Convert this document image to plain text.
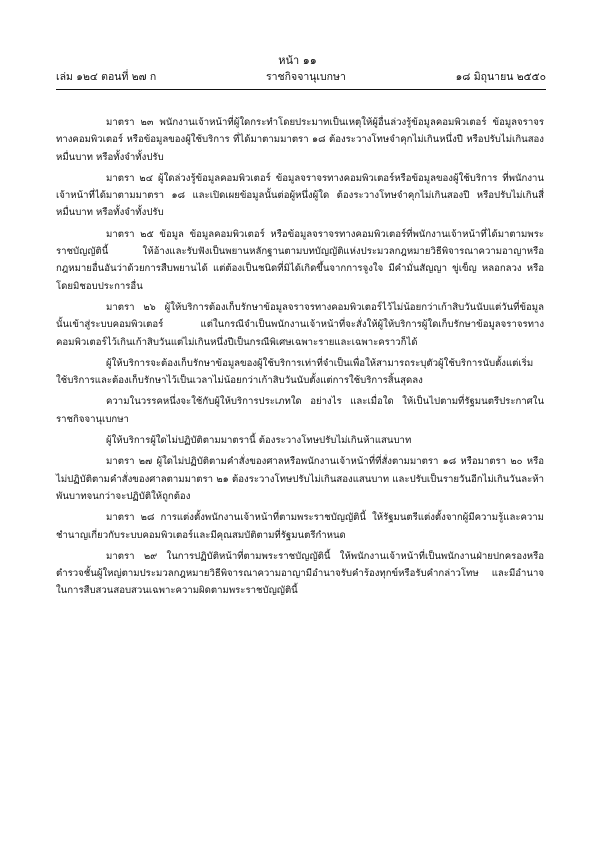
หน้า ๑๑
เล่ม ๑๒๔ ตอนที่ ๒๗ ก	ราชกิจจานุเบกษา	๑๘ มิถุนายน ๒๕๕๐

มาตรา ๒๓ พนักงานเจ้าหน้าที่ผู้ใดกระทำโดยประมาทเป็นเหตุให้ผู้อื่นล่วงรู้ข้อมูลคอมพิวเตอร์ ข้อมูลจราจรทางคอมพิวเตอร์ หรือข้อมูลของผู้ใช้บริการ ที่ได้มาตามมาตรา ๑๘ ต้องระวางโทษจำคุกไม่เกินหนึ่งปี หรือปรับไม่เกินสองหมื่นบาท หรือทั้งจำทั้งปรับ

มาตรา ๒๔ ผู้ใดล่วงรู้ข้อมูลคอมพิวเตอร์ ข้อมูลจราจรทางคอมพิวเตอร์หรือข้อมูลของผู้ใช้บริการ ที่พนักงานเจ้าหน้าที่ได้มาตามมาตรา ๑๘ และเปิดเผยข้อมูลนั้นต่อผู้หนึ่งผู้ใด ต้องระวางโทษจำคุกไม่เกินสองปี หรือปรับไม่เกินสี่หมื่นบาท หรือทั้งจำทั้งปรับ

มาตรา ๒๕ ข้อมูล ข้อมูลคอมพิวเตอร์ หรือข้อมูลจราจรทางคอมพิวเตอร์ที่พนักงานเจ้าหน้าที่ได้มาตามพระราชบัญญัตินี้ ให้อ้างและรับฟังเป็นพยานหลักฐานตามบทบัญญัติแห่งประมวลกฎหมายวิธีพิจารณาความอาญาหรือกฎหมายอื่นอันว่าด้วยการสืบพยานได้ แต่ต้องเป็นชนิดที่มิได้เกิดขึ้นจากการจูงใจ มีคำมั่นสัญญา ขู่เข็ญ หลอกลวง หรือโดยมิชอบประการอื่น

มาตรา ๒๖ ผู้ให้บริการต้องเก็บรักษาข้อมูลจราจรทางคอมพิวเตอร์ไว้ไม่น้อยกว่าเก้าสิบวันนับแต่วันที่ข้อมูลนั้นเข้าสู่ระบบคอมพิวเตอร์ แต่ในกรณีจำเป็นพนักงานเจ้าหน้าที่จะสั่งให้ผู้ให้บริการผู้ใดเก็บรักษาข้อมูลจราจรทางคอมพิวเตอร์ไว้เกินเก้าสิบวันแต่ไม่เกินหนึ่งปีเป็นกรณีพิเศษเฉพาะรายและเฉพาะคราวก็ได้

ผู้ให้บริการจะต้องเก็บรักษาข้อมูลของผู้ใช้บริการเท่าที่จำเป็นเพื่อให้สามารถระบุตัวผู้ใช้บริการนับตั้งแต่เริ่มใช้บริการและต้องเก็บรักษาไว้เป็นเวลาไม่น้อยกว่าเก้าสิบวันนับตั้งแต่การใช้บริการสิ้นสุดลง

ความในวรรคหนึ่งจะใช้กับผู้ให้บริการประเภทใด อย่างไร และเมื่อใด ให้เป็นไปตามที่รัฐมนตรีประกาศในราชกิจจานุเบกษา

ผู้ให้บริการผู้ใดไม่ปฏิบัติตามมาตรานี้ ต้องระวางโทษปรับไม่เกินห้าแสนบาท

มาตรา ๒๗ ผู้ใดไม่ปฏิบัติตามคำสั่งของศาลหรือพนักงานเจ้าหน้าที่ที่สั่งตามมาตรา ๑๘ หรือมาตรา ๒๐ หรือไม่ปฏิบัติตามคำสั่งของศาลตามมาตรา ๒๑ ต้องระวางโทษปรับไม่เกินสองแสนบาท และปรับเป็นรายวันอีกไม่เกินวันละห้าพันบาทจนกว่าจะปฏิบัติให้ถูกต้อง

มาตรา ๒๘ การแต่งตั้งพนักงานเจ้าหน้าที่ตามพระราชบัญญัตินี้ ให้รัฐมนตรีแต่งตั้งจากผู้มีความรู้และความชำนาญเกี่ยวกับระบบคอมพิวเตอร์และมีคุณสมบัติตามที่รัฐมนตรีกำหนด

มาตรา ๒๙ ในการปฏิบัติหน้าที่ตามพระราชบัญญัตินี้ ให้พนักงานเจ้าหน้าที่เป็นพนักงานฝ่ายปกครองหรือตำรวจชั้นผู้ใหญ่ตามประมวลกฎหมายวิธีพิจารณาความอาญามีอำนาจรับคำร้องทุกข์หรือรับคำกล่าวโทษ และมีอำนาจในการสืบสวนสอบสวนเฉพาะความผิดตามพระราชบัญญัตินี้
